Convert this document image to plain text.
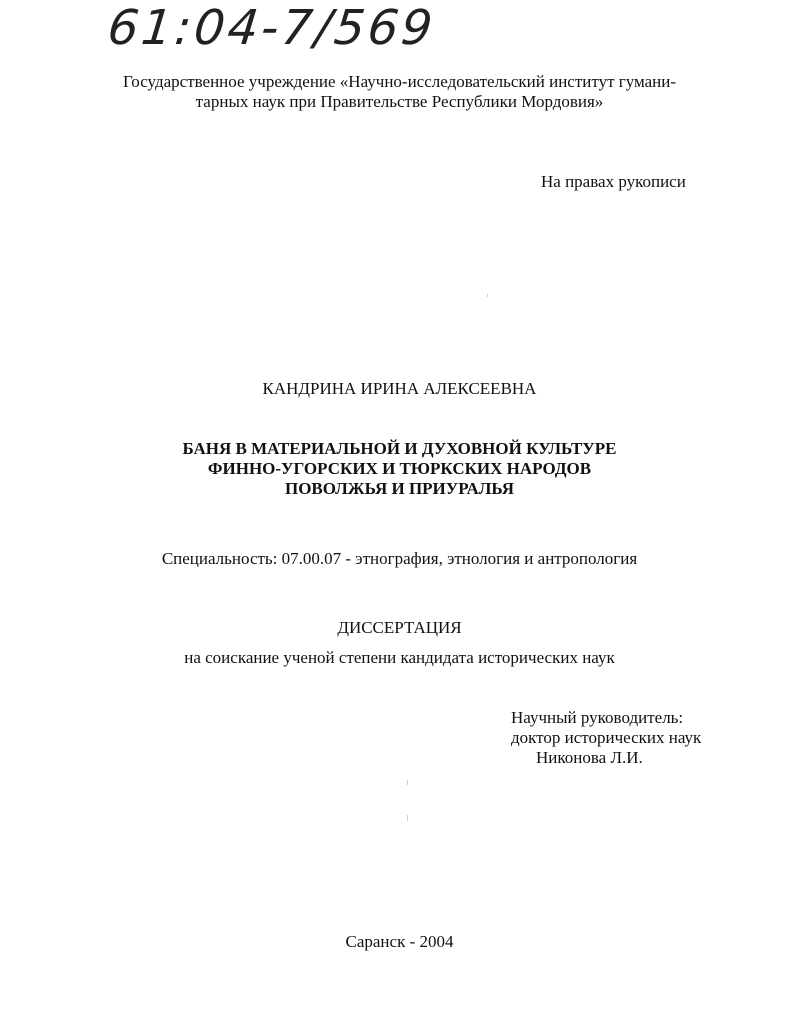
61:04-7/569
Государственное учреждение «Научно-исследовательский институт гумани-
тарных наук при Правительстве Республики Мордовия»
На правах рукописи
КАНДРИНА ИРИНА АЛЕКСЕЕВНА
БАНЯ В МАТЕРИАЛЬНОЙ И ДУХОВНОЙ КУЛЬТУРЕ
ФИННО-УГОРСКИХ И ТЮРКСКИХ НАРОДОВ
ПОВОЛЖЬЯ И ПРИУРАЛЬЯ
Специальность: 07.00.07 - этнография, этнология и антропология
ДИССЕРТАЦИЯ
на соискание ученой степени кандидата исторических наук
Научный руководитель:
доктор исторических наук
Никонова Л.И.
Саранск - 2004
